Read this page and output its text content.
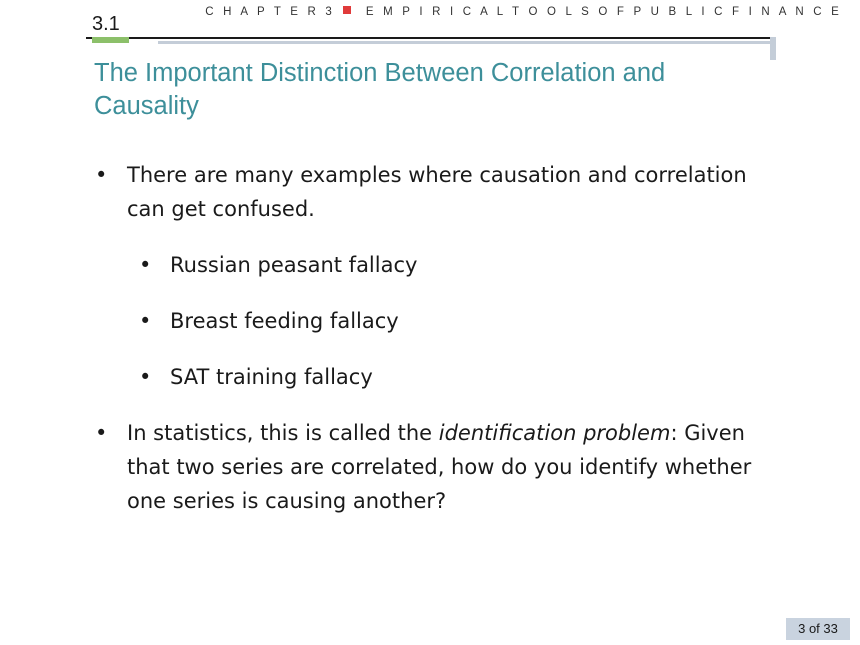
C H A P T E R 3	E M P I R I C A L T O O L S O F P U B L I C F I N A N C E
3.1
The Important Distinction Between Correlation and Causality
• There are many examples where causation and correlation can get confused.
• Russian peasant fallacy
• Breast feeding fallacy
• SAT training fallacy
• In statistics, this is called the identification problem: Given that two series are correlated, how do you identify whether one series is causing another?
3 of 33
